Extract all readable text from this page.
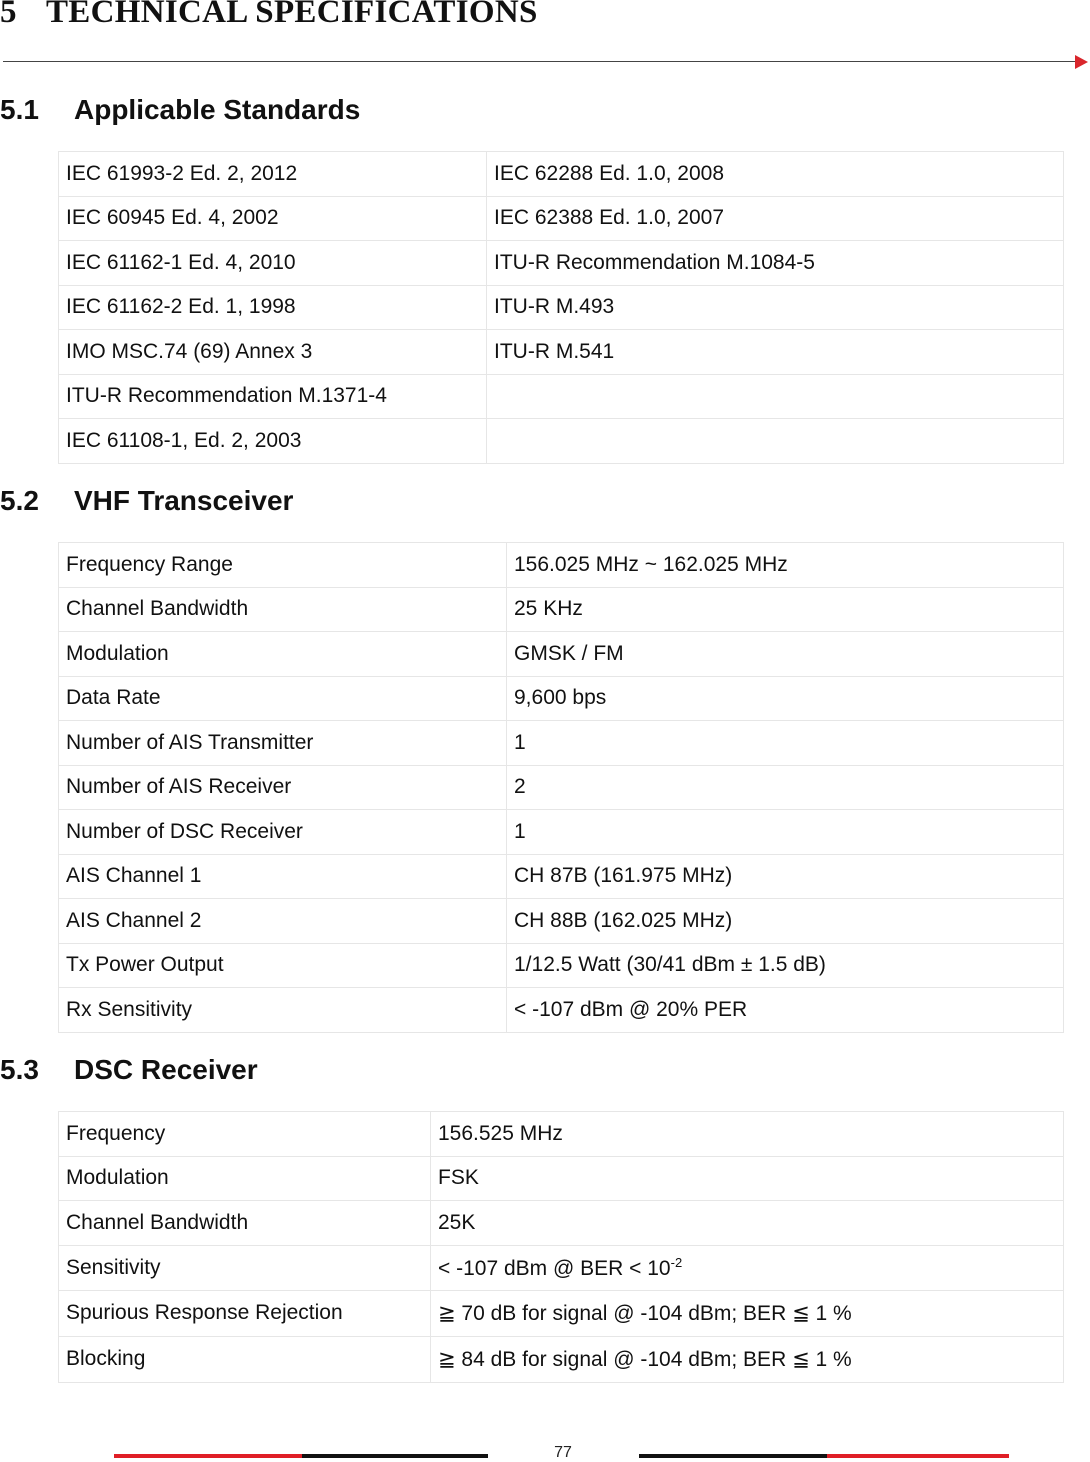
5 TECHNICAL SPECIFICATIONS
5.1 Applicable Standards
IEC 61993-2 Ed. 2, 2012	IEC 62288 Ed. 1.0, 2008
IEC 60945 Ed. 4, 2002	IEC 62388 Ed. 1.0, 2007
IEC 61162-1 Ed. 4, 2010	ITU-R Recommendation M.1084-5
IEC 61162-2 Ed. 1, 1998	ITU-R M.493
IMO MSC.74 (69) Annex 3	ITU-R M.541
ITU-R Recommendation M.1371-4	
IEC 61108-1, Ed. 2, 2003	
5.2 VHF Transceiver
Frequency Range	156.025 MHz ~ 162.025 MHz
Channel Bandwidth	25 KHz
Modulation	GMSK / FM
Data Rate	9,600 bps
Number of AIS Transmitter	1
Number of AIS Receiver	2
Number of DSC Receiver	1
AIS Channel 1	CH 87B (161.975 MHz)
AIS Channel 2	CH 88B (162.025 MHz)
Tx Power Output	1/12.5 Watt (30/41 dBm ± 1.5 dB)
Rx Sensitivity	< -107 dBm @ 20% PER
5.3 DSC Receiver
Frequency	156.525 MHz
Modulation	FSK
Channel Bandwidth	25K
Sensitivity	< -107 dBm @ BER < $10^{-2}$
Spurious Response Rejection	≧ 70 dB for signal @ -104 dBm; BER ≦ 1 %
Blocking	≧ 84 dB for signal @ -104 dBm; BER ≦ 1 %
77
